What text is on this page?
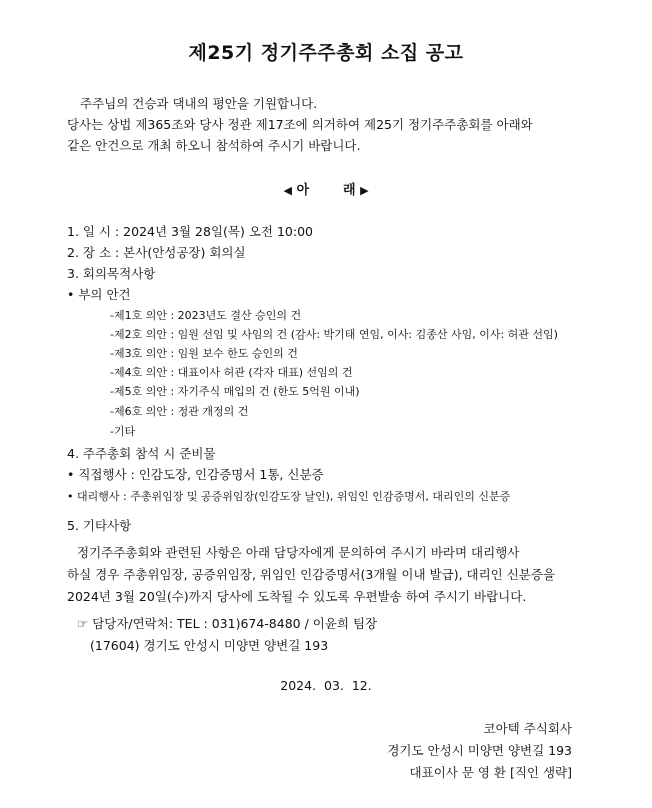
제25기 정기주주총회 소집 공고
주주님의 건승과 댁내의 평안을 기원합니다.
당사는 상법 제365조와 당사 정관 제17조에 의거하여 제25기 정기주주총회를 아래와
같은 안건으로 개최 하오니 참석하여 주시기 바랍니다.
◀ 아	래 ▶
1. 일 시 : 2024년 3월 28일(목) 오전 10:00
2. 장 소 : 본사(안성공장) 회의실
3. 회의목적사항
• 부의 안건
-제1호 의안 : 2023년도 결산 승인의 건
-제2호 의안 : 임원 선임 및 사임의 건 (감사: 박기태 연임, 이사: 김종산 사임, 이사: 허관 선임)
-제3호 의안 : 임원 보수 한도 승인의 건
-제4호 의안 : 대표이사 허관 (각자 대표) 선임의 건
-제5호 의안 : 자기주식 매입의 건 (한도 5억원 이내)
-제6호 의안 : 정관 개정의 건
-기타
4. 주주총회 참석 시 준비물
• 직접행사 : 인감도장, 인감증명서 1통, 신분증
• 대리행사 : 주총위임장 및 공증위임장(인감도장 날인), 위임인 인감증명서, 대리인의 신분증
5. 기타사항
정기주주총회와 관련된 사항은 아래 담당자에게 문의하여 주시기 바라며 대리행사
하실 경우 주총위임장, 공증위임장, 위임인 인감증명서(3개월 이내 발급), 대리인 신분증을
2024년 3월 20일(수)까지 당사에 도착될 수 있도록 우편발송 하여 주시기 바랍니다.
☞ 담당자/연락처: TEL : 031)674-8480 / 이윤희 팀장
(17604) 경기도 안성시 미양면 양변길 193
2024.  03.  12.
코아텍 주식회사
경기도 안성시 미양면 양변길 193
대표이사 문 영 환 [직인 생략]
